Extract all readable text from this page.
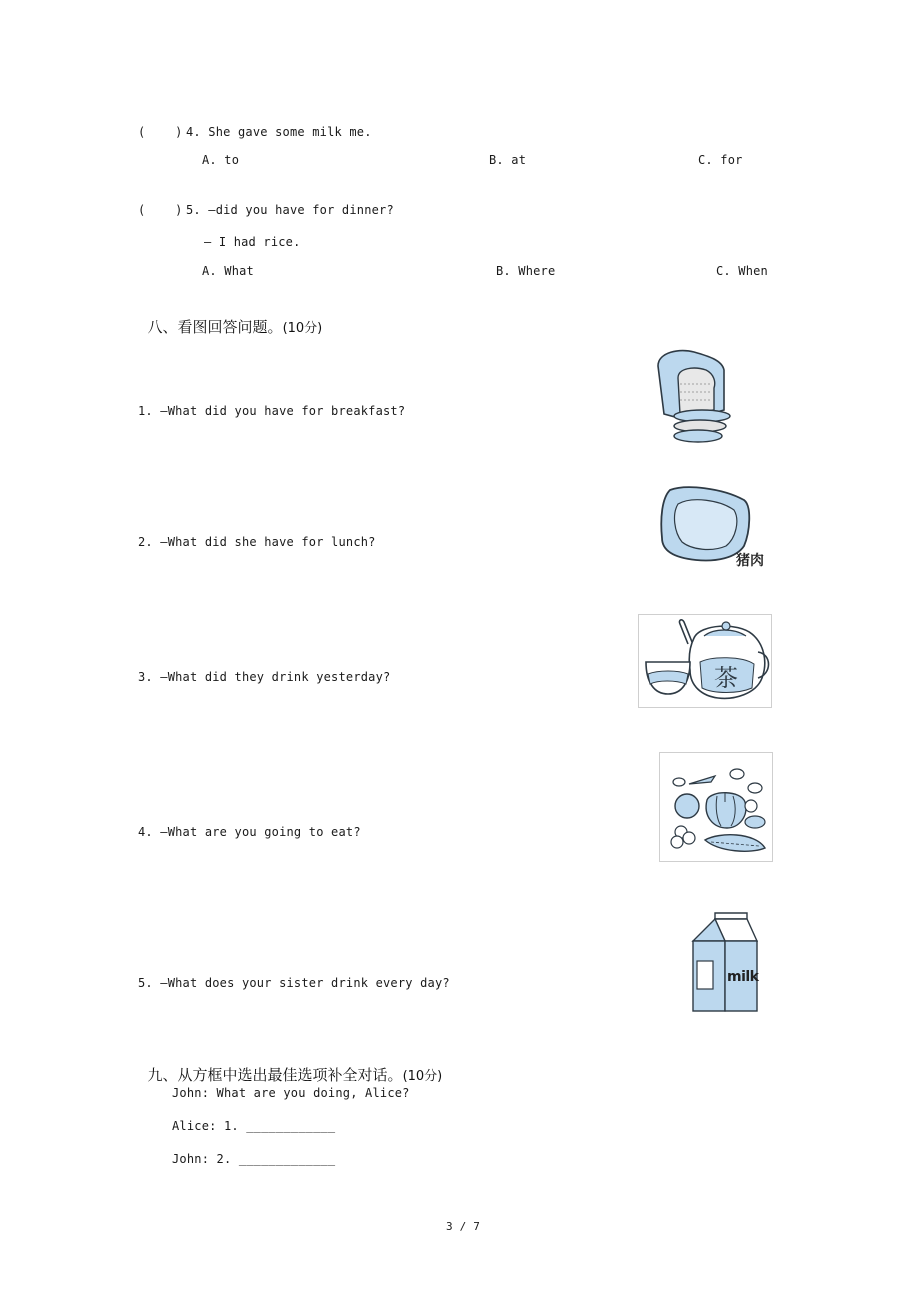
(    ) 4. She gave some milk me.
A. to	B. at	C. for
(    ) 5. —did you have for dinner?
— I had rice.
A. What	B. Where	C. When

八、看图回答问题。(10分)

1. —What did you have for breakfast?
2. —What did she have for lunch?
3. —What did they drink yesterday?
4. —What are you going to eat?
5. —What does your sister drink every day?
猪肉
茶
milk

九、从方框中选出最佳选项补全对话。(10分)

John: What are you doing, Alice?
Alice: 1. ____________
John: 2. _____________
3 / 7
